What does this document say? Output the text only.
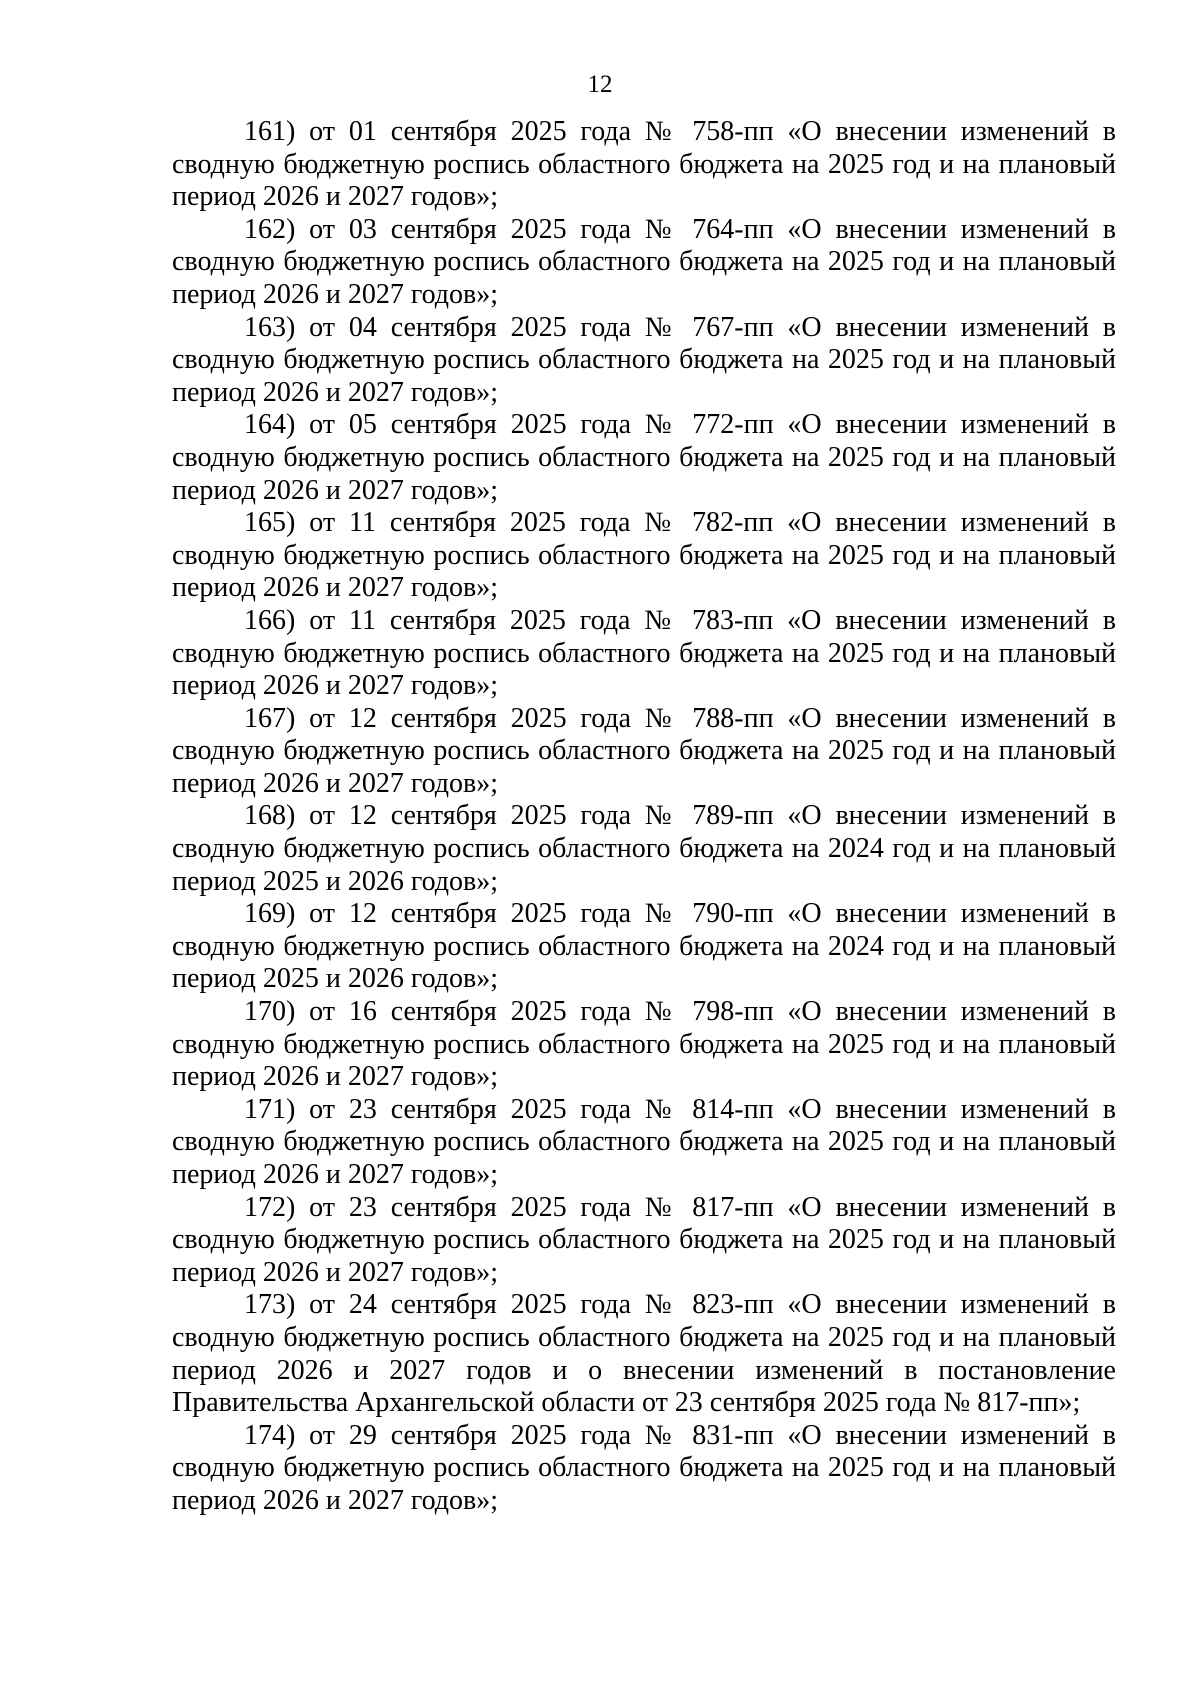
12

161) от 01 сентября 2025 года № 758-пп «О внесении изменений в сводную бюджетную роспись областного бюджета на 2025 год и на плановый период 2026 и 2027 годов»;

162) от 03 сентября 2025 года № 764-пп «О внесении изменений в сводную бюджетную роспись областного бюджета на 2025 год и на плановый период 2026 и 2027 годов»;

163) от 04 сентября 2025 года № 767-пп «О внесении изменений в сводную бюджетную роспись областного бюджета на 2025 год и на плановый период 2026 и 2027 годов»;

164) от 05 сентября 2025 года № 772-пп «О внесении изменений в сводную бюджетную роспись областного бюджета на 2025 год и на плановый период 2026 и 2027 годов»;

165) от 11 сентября 2025 года № 782-пп «О внесении изменений в сводную бюджетную роспись областного бюджета на 2025 год и на плановый период 2026 и 2027 годов»;

166) от 11 сентября 2025 года № 783-пп «О внесении изменений в сводную бюджетную роспись областного бюджета на 2025 год и на плановый период 2026 и 2027 годов»;

167) от 12 сентября 2025 года № 788-пп «О внесении изменений в сводную бюджетную роспись областного бюджета на 2025 год и на плановый период 2026 и 2027 годов»;

168) от 12 сентября 2025 года № 789-пп «О внесении изменений в сводную бюджетную роспись областного бюджета на 2024 год и на плановый период 2025 и 2026 годов»;

169) от 12 сентября 2025 года № 790-пп «О внесении изменений в сводную бюджетную роспись областного бюджета на 2024 год и на плановый период 2025 и 2026 годов»;

170) от 16 сентября 2025 года № 798-пп «О внесении изменений в сводную бюджетную роспись областного бюджета на 2025 год и на плановый период 2026 и 2027 годов»;

171) от 23 сентября 2025 года № 814-пп «О внесении изменений в сводную бюджетную роспись областного бюджета на 2025 год и на плановый период 2026 и 2027 годов»;

172) от 23 сентября 2025 года № 817-пп «О внесении изменений в сводную бюджетную роспись областного бюджета на 2025 год и на плановый период 2026 и 2027 годов»;

173) от 24 сентября 2025 года № 823-пп «О внесении изменений в сводную бюджетную роспись областного бюджета на 2025 год и на плановый период 2026 и 2027 годов и о внесении изменений в постановление Правительства Архангельской области от 23 сентября 2025 года № 817-пп»;

174) от 29 сентября 2025 года № 831-пп «О внесении изменений в сводную бюджетную роспись областного бюджета на 2025 год и на плановый период 2026 и 2027 годов»;
